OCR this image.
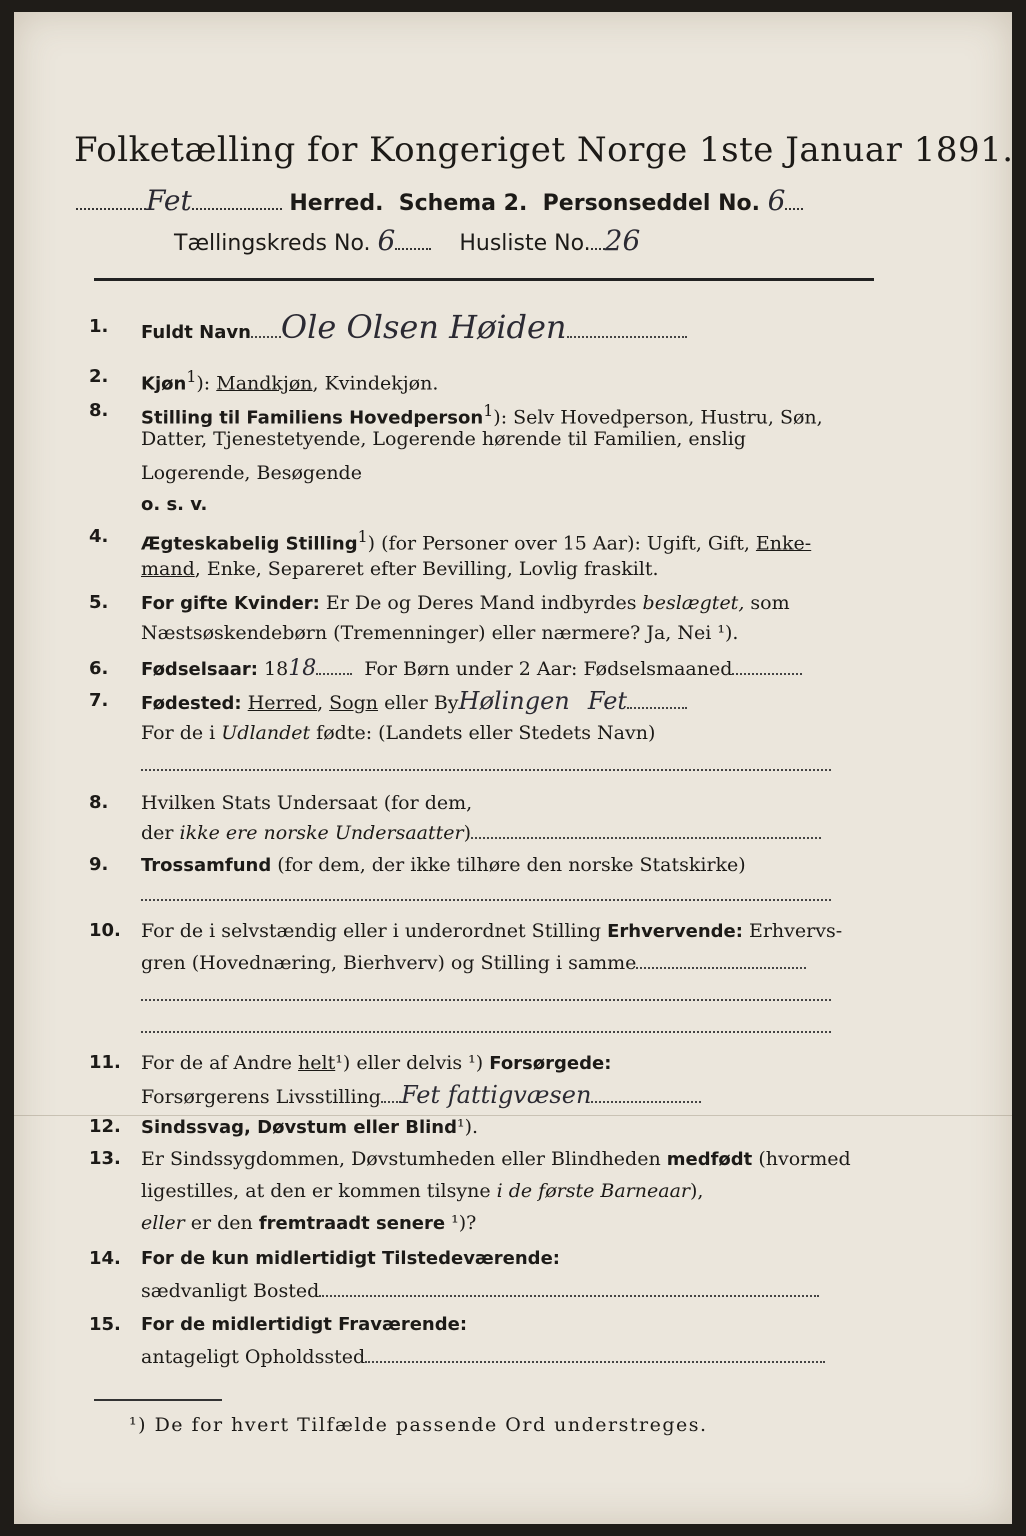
Folketælling for Kongeriget Norge 1ste Januar 1891.
Fet	Herred. Schema 2. Personseddel No. 6
Tællingskreds No. 6	Husliste No. 26
1.	Fuldt Navn Ole Olsen Høiden
2.	Kjøn$^1$): Mandkjøn, Kvindekjøn.
8.	Stilling til Familiens Hovedperson$^1$): Selv Hovedperson, Hustru, Søn,
Datter, Tjenestetyende, Logerende hørende til Familien, enslig
Logerende, Besøgende
o. s. v.
4.	Ægteskabelig Stilling$^1$) (for Personer over 15 Aar): Ugift, Gift, Enke-
mand, Enke, Separeret efter Bevilling, Lovlig fraskilt.
5.	For gifte Kvinder: Er De og Deres Mand indbyrdes beslægtet, som
Næstsøskendebørn (Tremenninger) eller nærmere? Ja, Nei ¹).
6.	Fødselsaar: 1818	For Børn under 2 Aar: Fødselsmaaned
7.	Fødested: Herred, Sogn eller ByHølingen Fet
For de i Udlandet fødte: (Landets eller Stedets Navn)
8.	Hvilken Stats Undersaat (for dem,
der ikke ere norske Undersaatter)
9.	Trossamfund (for dem, der ikke tilhøre den norske Statskirke)
10.	For de i selvstændig eller i underordnet Stilling Erhvervende: Erhvervs-
gren (Hovednæring, Bierhverv) og Stilling i samme
11.	For de af Andre helt¹) eller delvis ¹) Forsørgede:
Forsørgerens Livsstilling Fet fattigvæsen
12.	Sindssvag, Døvstum eller Blind¹).
13.	Er Sindssygdommen, Døvstumheden eller Blindheden medfødt (hvormed
ligestilles, at den er kommen tilsyne i de første Barneaar),
eller er den fremtraadt senere ¹)?
14.	For de kun midlertidigt Tilstedeværende:
sædvanligt Bosted
15.	For de midlertidigt Fraværende:
antageligt Opholdssted
¹) De for hvert Tilfælde passende Ord understreges.
